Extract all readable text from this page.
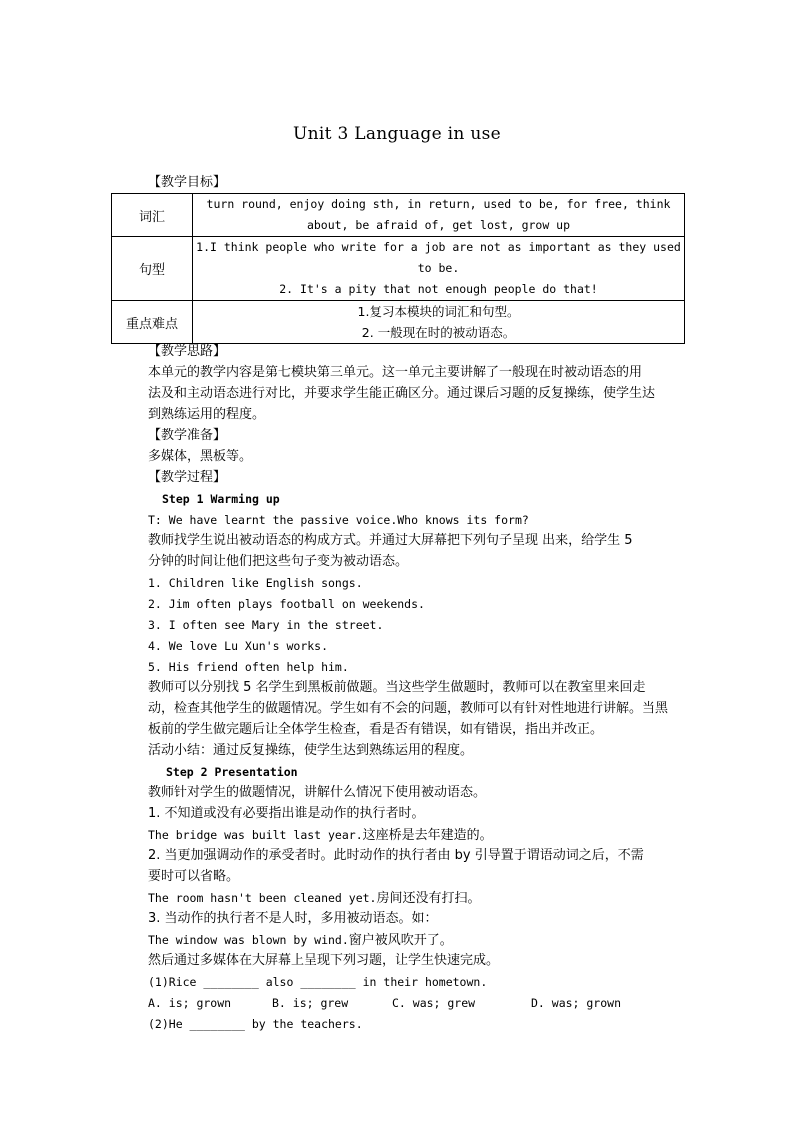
Unit 3 Language in use
【教学目标】
词汇	turn round, enjoy doing sth, in return, used to be, for free, think
about, be afraid of, get lost, grow up

句型	1.I think people who write for a job are not as important as they used
to be.
2. It's a pity that not enough people do that!

重点难点	1.复习本模块的词汇和句型。
2. 一般现在时的被动语态。
【教学思路】
本单元的教学内容是第七模块第三单元。这一单元主要讲解了一般现在时被动语态的用
法及和主动语态进行对比，并要求学生能正确区分。通过课后习题的反复操练，使学生达
到熟练运用的程度。
【教学准备】
多媒体，黑板等。
【教学过程】
Step 1 Warming up
T: We have learnt the passive voice.Who knows its form?
教师找学生说出被动语态的构成方式。并通过大屏幕把下列句子呈现 出来，给学生 5
分钟的时间让他们把这些句子变为被动语态。
1. Children like English songs.
2. Jim often plays football on weekends.
3. I often see Mary in the street.
4. We love Lu Xun's works.
5. His friend often help him.
教师可以分别找 5 名学生到黑板前做题。当这些学生做题时，教师可以在教室里来回走
动，检查其他学生的做题情况。学生如有不会的问题，教师可以有针对性地进行讲解。当黑
板前的学生做完题后让全体学生检查，看是否有错误，如有错误，指出并改正。
活动小结：通过反复操练，使学生达到熟练运用的程度。
Step 2 Presentation
教师针对学生的做题情况，讲解什么情况下使用被动语态。
1. 不知道或没有必要指出谁是动作的执行者时。
The bridge was built last year.这座桥是去年建造的。
2. 当更加强调动作的承受者时。此时动作的执行者由 by 引导置于谓语动词之后，不需
要时可以省略。
The room hasn't been cleaned yet.房间还没有打扫。
3. 当动作的执行者不是人时，多用被动语态。如：
The window was blown by wind.窗户被风吹开了。
然后通过多媒体在大屏幕上呈现下列习题，让学生快速完成。
(1)Rice ________ also ________ in their hometown.
A. is; grown	B. is; grew	C. was; grew	D. was; grown
(2)He ________ by the teachers.
